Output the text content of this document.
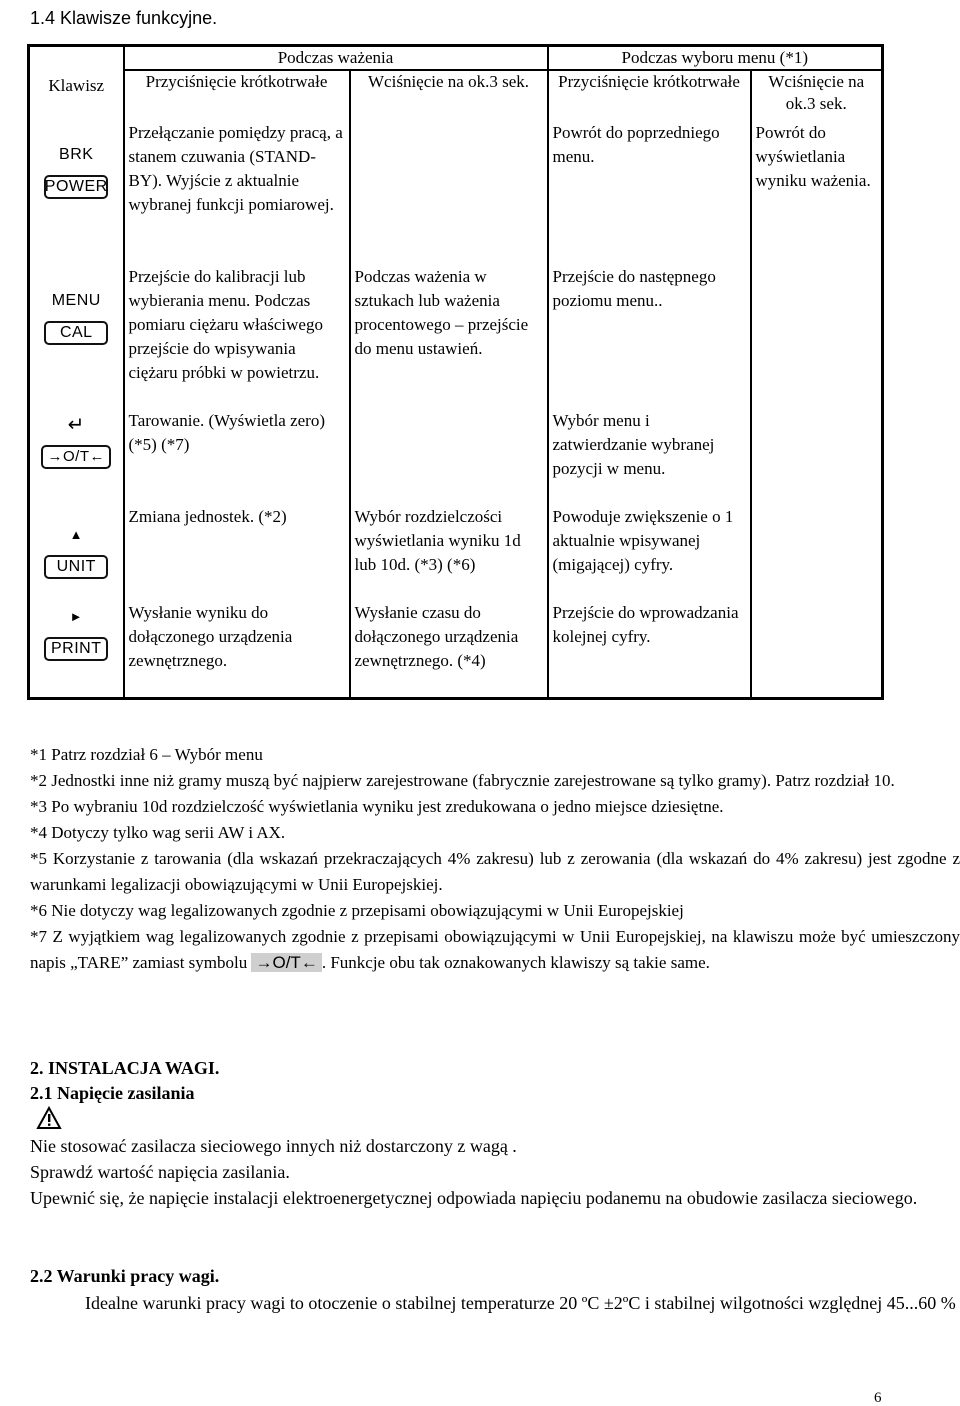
1.4 Klawisze funkcyjne.
Klawisz	Podczas ważenia		Podczas wyboru menu (*1)	
	Przyciśnięcie krótkotrwałe	Wciśnięcie na ok.3 sek.	Przyciśnięcie krótkotrwałe	Wciśnięcie na ok.3 sek.

BRK
POWER	Przełączanie pomiędzy pracą, a stanem czuwania (STAND-BY). Wyjście z aktualnie wybranej funkcji pomiarowej.		Powrót do poprzedniego menu.	Powrót do wyświetlania wyniku ważenia.

MENU
CAL	Przejście do kalibracji lub wybierania menu. Podczas pomiaru ciężaru właściwego przejście do wpisywania ciężaru próbki w powietrzu.	Podczas ważenia w sztukach lub ważenia procentowego – przejście do menu ustawień.	Przejście do następnego poziomu menu..	

↵
→O/T←	Tarowanie. (Wyświetla zero) (*5) (*7)		Wybór menu i zatwierdzanie wybranej pozycji w menu.	

▲
UNIT	Zmiana jednostek. (*2)	Wybór rozdzielczości wyświetlania wyniku 1d lub 10d. (*3) (*6)	Powoduje zwiększenie o 1 aktualnie wpisywanej (migającej) cyfry.	

►
PRINT	Wysłanie wyniku do dołączonego urządzenia zewnętrznego.	Wysłanie czasu do dołączonego urządzenia zewnętrznego. (*4)	Przejście do wprowadzania kolejnej cyfry.	

*1 Patrz rozdział 6 – Wybór menu

*2 Jednostki inne niż gramy muszą być najpierw zarejestrowane (fabrycznie zarejestrowane są tylko gramy). Patrz rozdział 10.

*3 Po wybraniu 10d rozdzielczość wyświetlania wyniku jest zredukowana o jedno miejsce dziesiętne.

*4 Dotyczy tylko wag serii AW i AX.

*5 Korzystanie z tarowania (dla wskazań przekraczających 4% zakresu) lub z zerowania (dla wskazań do 4% zakresu) jest zgodne z warunkami legalizacji obowiązującymi w Unii Europejskiej.

*6 Nie dotyczy wag legalizowanych zgodnie z przepisami obowiązującymi w Unii Europejskiej

*7 Z wyjątkiem wag legalizowanych zgodnie z przepisami obowiązującymi w Unii Europejskiej, na klawiszu może być umieszczony napis „TARE” zamiast symbolu →O/T← . Funkcje obu tak oznakowanych klawiszy są takie same.

2. INSTALACJA WAGI.
2.1 Napięcie zasilania
Nie stosować zasilacza sieciowego innych niż dostarczony z wagą .
Sprawdź wartość napięcia zasilania.
Upewnić się, że napięcie instalacji elektroenergetycznej odpowiada napięciu podanemu na obudowie zasilacza sieciowego.
2.2 Warunki pracy wagi.
Idealne warunki pracy wagi to otoczenie o stabilnej temperaturze 20 ºC ±2ºC i stabilnej wilgotności względnej 45...60 %
6
